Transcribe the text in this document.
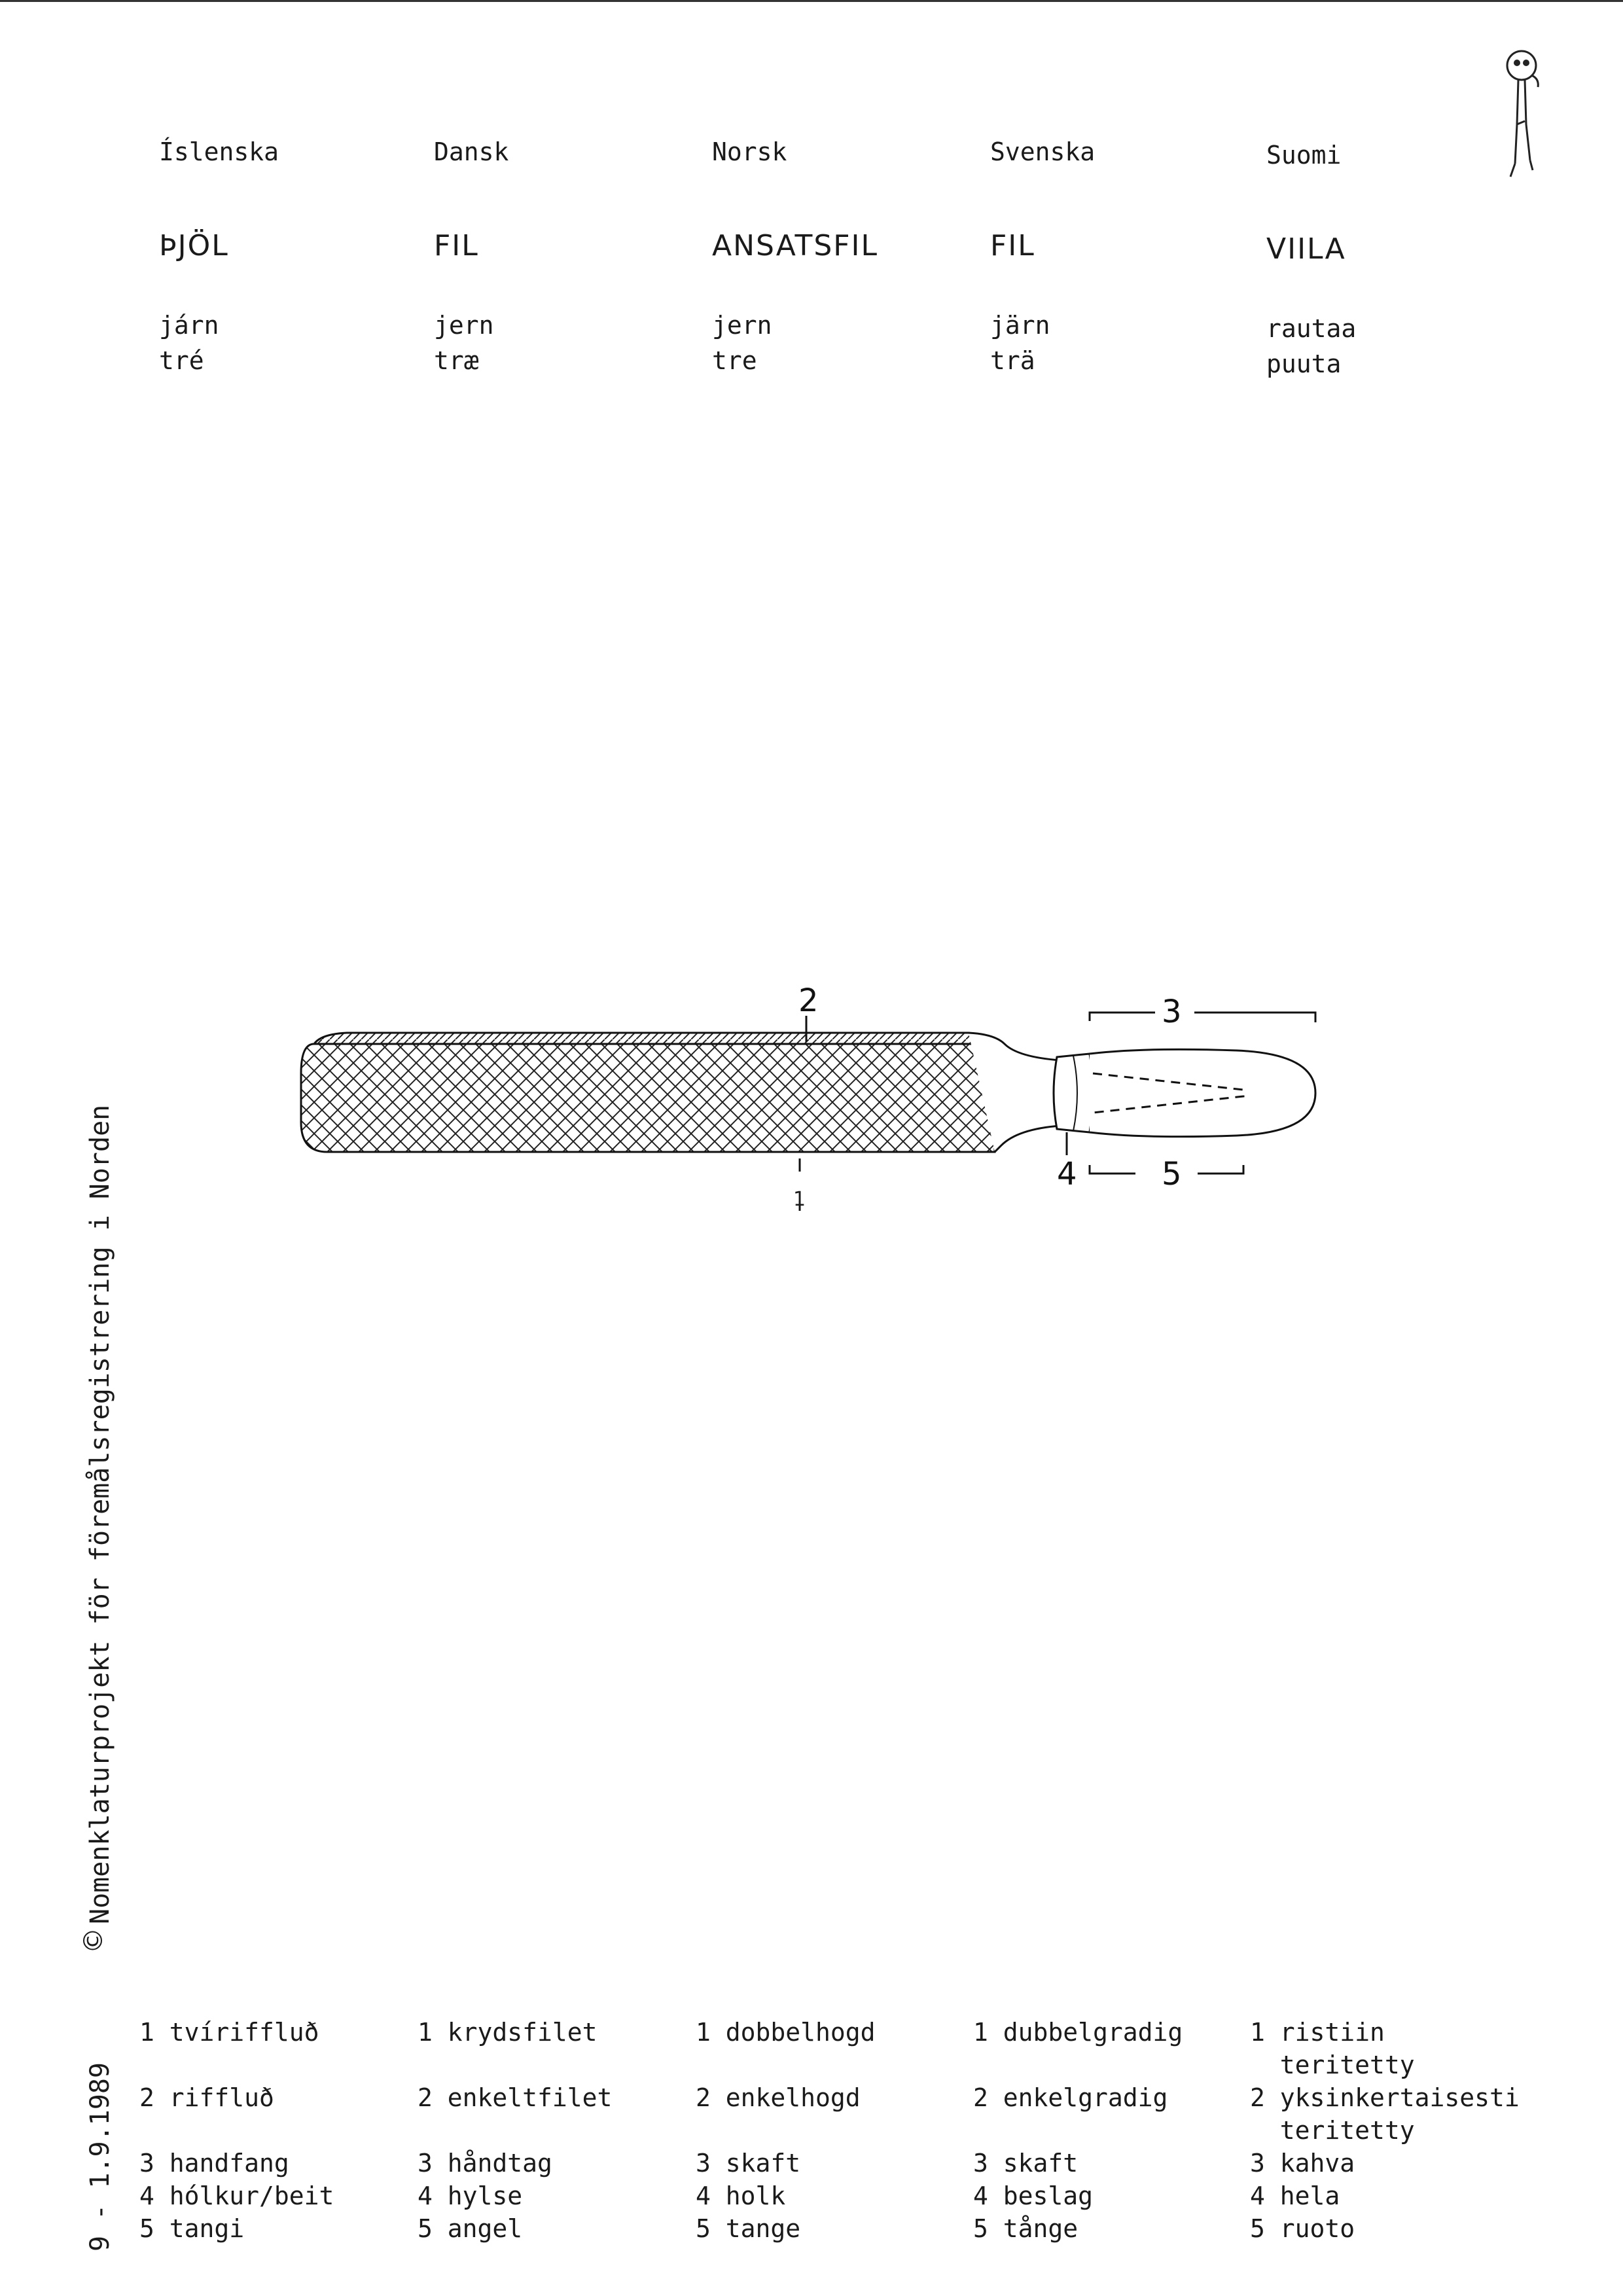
Íslenska
ÞJÖL
járn
tré
Dansk
FIL
jern
træ
Norsk
ANSATSFIL
jern
tre
Svenska
FIL
järn
trä
Suomi
VIILA
rautaa
puuta
2	3
4	5
1
Nomenklaturprojekt för föremålsregistrering i Norden
©
9 - 1.9.1989
1 tvíriffluð
2 riffluð
3 handfang
4 hólkur/beit
5 tangi
1 krydsfilet
2 enkeltfilet
3 håndtag
4 hylse
5 angel
1 dobbelhogd
2 enkelhogd
3 skaft
4 holk
5 tange
1 dubbelgradig
2 enkelgradig
3 skaft
4 beslag
5 tånge
1 ristiin
teritetty
2 yksinkertaisesti
teritetty
3 kahva
4 hela
5 ruoto
